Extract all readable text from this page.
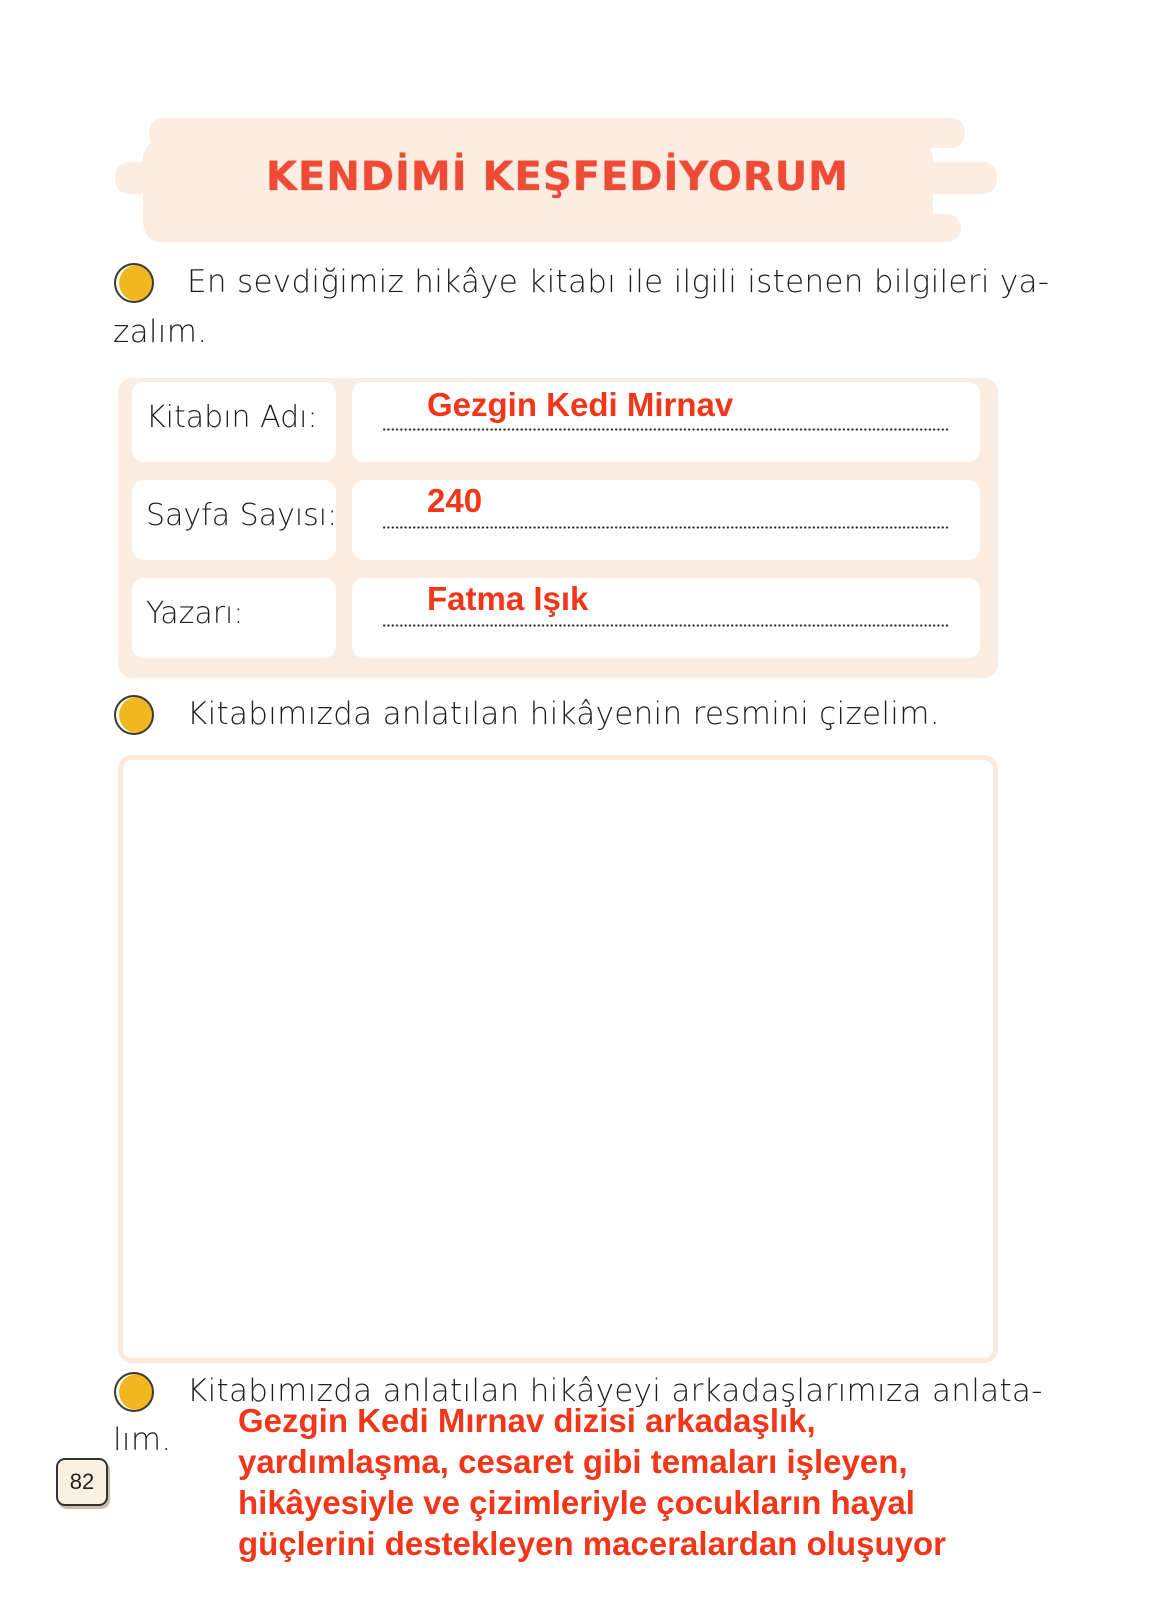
KENDİMİ KEŞFEDİYORUM
En sevdiğimiz hikâye kitabı ile ilgili istenen bilgileri ya-
zalım.
Kitabın Adı:	Gezgin Kedi Mirnav
Sayfa Sayısı:	240
Yazarı:	Fatma Işık
Kitabımızda anlatılan hikâyenin resmini çizelim.
Kitabımızda anlatılan hikâyeyi arkadaşlarımıza anlata-
lım.
Gezgin Kedi Mırnav dizisi arkadaşlık,
yardımlaşma, cesaret gibi temaları işleyen,
hikâyesiyle ve çizimleriyle çocukların hayal
güçlerini destekleyen maceralardan oluşuyor
82
